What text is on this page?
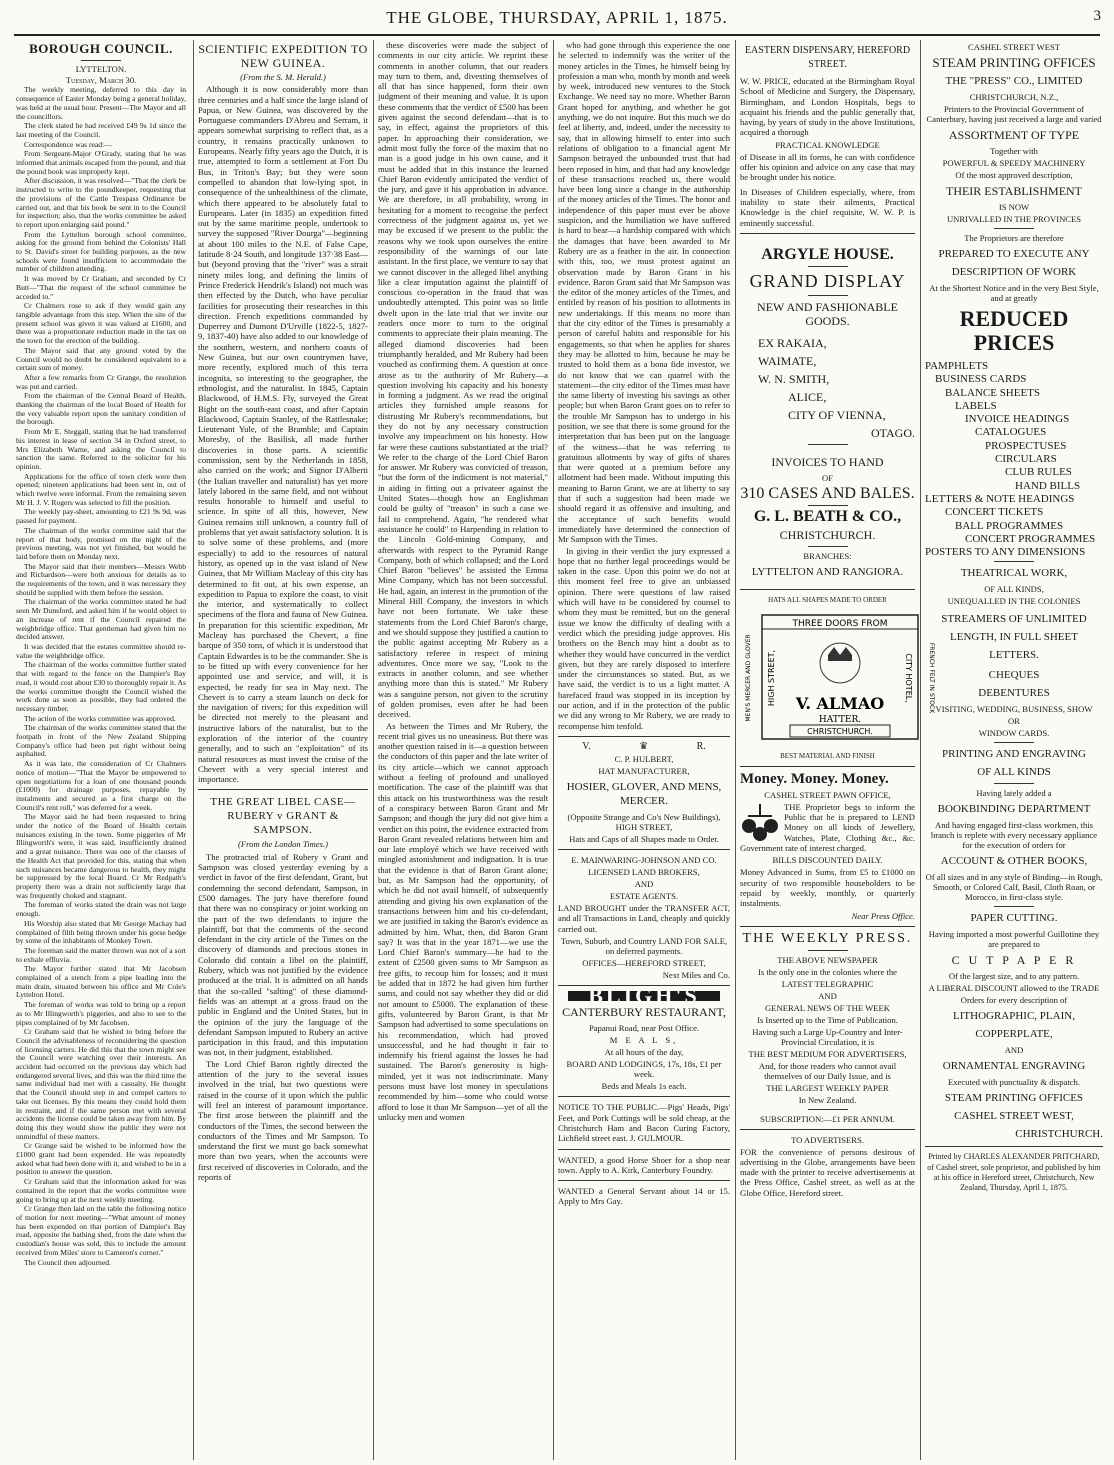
THE GLOBE, THURSDAY, APRIL 1, 1875.	3
BOROUGH COUNCIL.
LYTTELTON.
Tuesday, March 30.

The weekly meeting, deferred to this day in consequence of Easter Monday being a general holiday, was held at the usual hour. Present—The Mayor and all the councillors.

The clerk stated he had received £49 9s 1d since the last meeting of the Council.

Correspondence was read:—

From Sergeant-Major O'Grady, stating that he was informed that animals escaped from the pound, and that the pound book was improperly kept.

After discussion, it was resolved—"That the clerk be instructed to write to the poundkeeper, requesting that the provisions of the Cattle Trespass Ordinance be carried out, and that his book be sent in to the Council for inspection; also, that the works committee be asked to report upon enlarging said pound."

From the Lyttelton borough school committee, asking for the ground from behind the Colonists' Hall to St. David's street for building purposes, as the new schools were found insufficient to accommodate the number of children attending.

It was moved by Cr Graham, and seconded by Cr Butt—"That the request of the school committee be acceded to."

Cr Chalmers rose to ask if they would gain any tangible advantage from this step. When the site of the present school was given it was valued at £1600, and there was a proportionate reduction made in the tax on the town for the erection of the building.

The Mayor said that any ground voted by the Council would no doubt be considered equivalent to a certain sum of money.

After a few remarks from Cr Grange, the resolution was put and carried.

From the chairman of the Central Board of Health, thanking the chairman of the local Board of Health for the very valuable report upon the sanitary condition of the borough.

From Mr E. Steggall, stating that he had transferred his interest in lease of section 34 in Oxford street, to Mrs Elizabeth Warne, and asking the Council to sanction the same. Referred to the solicitor for his opinion.

Applications for the office of town clerk were then opened; nineteen applications had been sent in, out of which twelve were informal. From the remaining seven Mr H. J. V. Rogers was selected to fill the position.

The weekly pay-sheet, amounting to £21 9s 9d, was passed for payment.

The chairman of the works committee said that the report of that body, promised on the night of the previous meeting, was not yet finished, but would be laid before them on Monday next.

The Mayor said that their members—Messrs Webb and Richardson—were both anxious for details as to the requirements of the town, and it was necessary they should be supplied with them before the session.

The chairman of the works committee stated he had seen Mr Dunsford, and asked him if he would object to an increase of rent if the Council repaired the weighbridge office. That gentleman had given him no decided answer.

It was decided that the estates committee should re-value the weighbridge office.

The chairman of the works committee further stated that with regard to the fence on the Dampier's Bay road, it would cost about £30 to thoroughly repair it. As the works committee thought the Council wished the work done as soon as possible, they had ordered the necessary timber.

The action of the works committee was approved.

The chairman of the works committee stated that the footpath in front of the New Zealand Shipping Company's office had been put right without being asphalted.

As it was late, the consideration of Cr Chalmers notice of motion—"That the Mayor be empowered to open negotiations for a loan of one thousand pounds (£1000) for drainage purposes, repayable by instalments and secured as a first charge on the Council's rent roll," was deferred for a week.

The Mayor said he had been requested to bring under the notice of the Board of Health certain nuisances existing in the town. Some piggeries of Mr Illingworth's were, it was said, insufficiently drained and a great nuisance. There was one of the clauses of the Health Act that provided for this, stating that when such nuisances became dangerous to health, they might be suppressed by the local Board. Cr Mr Redpath's property there was a drain not sufficiently large that was frequently choked and stagnant.

The foreman of works stated the drain was not large enough.

His Worship also stated that Mr George Mackay had complained of filth being thrown under his gorse hedge by some of the inhabitants of Monkey Town.

The foreman said the matter thrown was not of a sort to exhale effluvia.

The Mayor further stated that Mr Jacobsen complained of a stench from a pipe leading into the main drain, situated between his office and Mr Cole's Lyttelton Hotel.

The foreman of works was told to bring up a report as to Mr Illingworth's piggeries, and also to see to the pipes complained of by Mr Jacobsen.

Cr Graham said that he wished to bring before the Council the advisableness of reconsidering the question of licensing carters. He did this that the town might see the Council were watching over their interests. An accident had occurred on the previous day which had endangered several lives, and this was the third time the same individual had met with a casualty. He thought that the Council should step in and compel carters to take out licenses. By this means they could hold them in restraint, and if the same person met with several accidents the license could be taken away from him. By doing this they would show the public they were not unmindful of these matters.

Cr Grange said he wished to be informed how the £1000 grant had been expended. He was repeatedly asked what had been done with it, and wished to be in a position to answer the question.

Cr Graham said that the information asked for was contained in the report that the works committee were going to bring up at the next weekly meeting.

Cr Grange then laid on the table the following notice of motion for next meeting—"What amount of money has been expended on that portion of Dampier's Bay road, opposite the bathing shed, from the date when the custodian's house was sold, this to include the amount received from Miles' store to Cameron's corner."

The Council then adjourned.

SCIENTIFIC EXPEDITION TO NEW GUINEA.
(From the S. M. Herald.)

Although it is now considerably more than three centuries and a half since the large island of Papua, or New Guinea, was discovered by the Portuguese commanders D'Abreu and Serram, it appears somewhat surprising to reflect that, as a country, it remains practically unknown to Europeans. Nearly fifty years ago the Dutch, it is true, attempted to form a settlement at Fort Du Bus, in Triton's Bay; but they were soon compelled to abandon that low-lying spot, in consequence of the unhealthiness of the climate, which there appeared to be absolutely fatal to Europeans. Later (in 1835) an expedition fitted out by the same maritime people, undertook to survey the supposed "River Dourga"—beginning at about 100 miles to the N.E. of False Cape, latitude 8·24 South, and longitude 137·38 East—but (beyond proving that the "river" was a strait ninety miles long, and defining the limits of Prince Frederick Hendrik's Island) not much was then effected by the Dutch, who have peculiar facilities for prosecuting their researches in this direction. French expeditions commanded by Duperrey and Dumont D'Urville (1822-5, 1827-9, 1837-40) have also added to our knowledge of the southern, western, and northern coasts of New Guinea, but our own countrymen have, more recently, explored much of this terra incognita, so interesting to the geographer, the ethnologist, and the naturalist. In 1845, Captain Blackwood, of H.M.S. Fly, surveyed the Great Bight on the south-east coast, and after Captain Blackwood, Captain Stanley, of the Rattlesnake; Lieutenant Yule, of the Bramble; and Captain Moresby, of the Basilisk, all made further discoveries in those parts. A scientific commission, sent by the Netherlands in 1858, also carried on the work; and Signor D'Alberti (the Italian traveller and naturalist) has yet more lately labored in the same field, and not without results honorable to himself and useful to science. In spite of all this, however, New Guinea remains still unknown, a country full of problems that yet await satisfactory solution. It is to solve some of these problems, and (more especially) to add to the resources of natural history, as opened up in the vast island of New Guinea, that Mr William Macleay of this city has determined to fit out, at his own expense, an expedition to Papua to explore the coast, to visit the interior, and systematically to collect specimens of the flora and fauna of New Guinea. In preparation for this scientific expedition, Mr Macleay has purchased the Chevert, a fine barque of 350 tons, of which it is understood that Captain Edwardes is to be the commander. She is to be fitted up with every convenience for her appointed use and service, and will, it is expected, be ready for sea in May next. The Chevert is to carry a steam launch on deck for the navigation of rivers; for this expedition will be directed not merely to the pleasant and instructive labors of the naturalist, but to the exploration of the interior of the country generally, and to such an "exploitation" of its natural resources as must invest the cruise of the Chevert with a very special interest and importance.

THE GREAT LIBEL CASE—RUBERY v GRANT & SAMPSON.
(From the London Times.)

The protracted trial of Rubery v Grant and Sampson was closed yesterday evening by a verdict in favor of the first defendant, Grant, but condemning the second defendant, Sampson, in £500 damages. The jury have therefore found that there was no conspiracy or joint working on the part of the two defendants to injure the plaintiff, but that the comments of the second defendant in the city article of the Times on the discovery of diamonds and precious stones in Colorado did contain a libel on the plaintiff, Rubery, which was not justified by the evidence produced at the trial. It is admitted on all hands that the so-called "salting" of these diamond-fields was an attempt at a gross fraud on the public in England and the United States, but in the opinion of the jury the language of the defendant Sampson imputed to Rubery an active participation in this fraud, and this imputation was not, in their judgment, established.

The Lord Chief Baron rightly directed the attention of the jury to the several issues involved in the trial, but two questions were raised in the course of it upon which the public will feel an interest of paramount importance. The first arose between the plaintiff and the conductors of the Times, the second between the conductors of the Times and Mr Sampson. To understand the first we must go back somewhat more than two years, when the accounts were first received of discoveries in Colorado, and the reports of

these discoveries were made the subject of comments in our city article. We reprint these comments in another column, that our readers may turn to them, and, divesting themselves of all that has since happened, form their own judgment of their meaning and value. It is upon these comments that the verdict of £500 has been given against the second defendant—that is to say, in effect, against the proprietors of this paper. In approaching their consideration, we admit most fully the force of the maxim that no man is a good judge in his own cause, and it must be added that in this instance the learned Chief Baron evidently anticipated the verdict of the jury, and gave it his approbation in advance. We are therefore, in all probability, wrong in hesitating for a moment to recognise the perfect correctness of the judgment against us, yet we may be excused if we present to the public the reasons why we took upon ourselves the entire responsibility of the warnings of our late assistant. In the first place, we venture to say that we cannot discover in the alleged libel anything like a clear imputation against the plaintiff of conscious co-operation in the fraud that was undoubtedly attempted. This point was so little dwelt upon in the late trial that we invite our readers once more to turn to the original comments to appreciate their plain meaning. The alleged diamond discoveries had been triumphantly heralded, and Mr Rubery had been vouched as confirming them. A question at once arose as to the authority of Mr Rubery—a question involving his capacity and his honesty in forming a judgment. As we read the original articles they furnished ample reasons for distrusting Mr Rubery's recommendations, but they do not by any necessary construction involve any impeachment on his honesty. How far were these cautions substantiated at the trial? We refer to the charge of the Lord Chief Baron for answer. Mr Rubery was convicted of treason, "but the form of the indictment is not material," in aiding in fitting out a privateer against the United States—though how an Englishman could be guilty of "treason" in such a case we fail to comprehend. Again, "he rendered what assistance he could" to Harpending in relation to the Lincoln Gold-mining Company, and afterwards with respect to the Pyramid Range Company, both of which collapsed; and the Lord Chief Baron "believes" he assisted the Emma Mine Company, which has not been successful. He had, again, an interest in the promotion of the Mineral Hill Company, the investors in which have not been fortunate. We take these statements from the Lord Chief Baron's charge, and we should suppose they justified a caution to the public against accepting Mr Rubery as a satisfactory referee in respect of mining adventures. Once more we say, "Look to the extracts in another column, and see whether anything more than this is stated." Mr Rubery was a sanguine person, not given to the scrutiny of golden promises, even after he had been deceived.

As between the Times and Mr Rubery, the recent trial gives us no uneasiness. But there was another question raised in it—a question between the conductors of this paper and the late writer of its city article—which we cannot approach without a feeling of profound and unalloyed mortification. The case of the plaintiff was that this attack on his trustworthiness was the result of a conspiracy between Baron Grant and Mr Sampson; and though the jury did not give him a verdict on this point, the evidence extracted from Baron Grant revealed relations between him and our late employé which we have received with mingled astonishment and indignation. It is true that the evidence is that of Baron Grant alone; but, as Mr Sampson had the opportunity, of which he did not avail himself, of subsequently attending and giving his own explanation of the transactions between him and his co-defendant, we are justified in taking the Baron's evidence as admitted by him. What, then, did Baron Grant say? It was that in the year 1871—we use the Lord Chief Baron's summary—he had to the extent of £2500 given sums to Mr Sampson as free gifts, to recoup him for losses; and it must be added that in 1872 he had given him further sums, and could not say whether they did or did not amount to £5000. The explanation of these gifts, volunteered by Baron Grant, is that Mr Sampson had advertised to some speculations on his recommendation, which had proved unsuccessful, and he had thought it fair to indemnify his friend against the losses he had sustained. The Baron's generosity is high-minded, yet it was not indiscriminate. Many persons must have lost money in speculations recommended by him—some who could worse afford to lose it than Mr Sampson—yet of all the unlucky men and women

who had gone through this experience the one he selected to indemnify was the writer of the money articles in the Times, he himself being by profession a man who, month by month and week by week, introduced new ventures to the Stock Exchange. We need say no more. Whether Baron Grant hoped for anything, and whether he got anything, we do not inquire. But this much we do feel at liberty, and, indeed, under the necessity to say, that in allowing himself to enter into such relations of obligation to a financial agent Mr Sampson betrayed the unbounded trust that had been reposed in him, and that had any knowledge of these transactions reached us, there would have been long since a change in the authorship of the money articles of the Times. The honor and independence of this paper must ever be above suspicion, and the humiliation we have suffered is hard to bear—a hardship compared with which the damages that have been awarded to Mr Rubery are as a feather in the air. In connection with this, too, we must protest against an observation made by Baron Grant in his evidence. Baron Grant said that Mr Sampson was the editor of the money articles of the Times, and entitled by reason of his position to allotments in new undertakings. If this means no more than that the city editor of the Times is presumably a person of careful habits and responsible for his engagements, so that when he applies for shares they may be allotted to him, because he may be trusted to hold them as a bona fide investor, we do not know that we can quarrel with the statement—the city editor of the Times must have the same liberty of investing his savings as other people; but when Baron Grant goes on to refer to the trouble Mr Sampson has to undergo in his position, we see that there is some ground for the interpretation that has been put on the language of the witness—that he was referring to gratuitous allotments by way of gifts of shares that were quoted at a premium before any allotment had been made. Without imputing this meaning to Baron Grant, we are at liberty to say that if such a suggestion had been made we should regard it as offensive and insulting, and the acceptance of such benefits would immediately have determined the connection of Mr Sampson with the Times.

In giving in their verdict the jury expressed a hope that no further legal proceedings would be taken in the case. Upon this point we do not at this moment feel free to give an unbiassed opinion. There were questions of law raised which will have to be considered by counsel to whom they must be remitted, but on the general issue we know the difficulty of dealing with a verdict which the presiding judge approves. His brothers on the Bench may hint a doubt as to whether they would have concurred in the verdict given, but they are rarely disposed to interfere under the circumstances so stated. But, as we have said, the verdict is to us a light matter. A barefaced fraud was stopped in its inception by our action, and if in the protection of the public we did any wrong to Mr Rubery, we are ready to recompense him tenfold.

V.	♛	R.
C. P. HULBERT,
HAT MANUFACTURER,
HOSIER, GLOVER, AND MENS, MERCER.
(Opposite Strange and Co's New Buildings), HIGH STREET,
Hats and Caps of all Shapes made to Order.
E. MAINWARING-JOHNSON AND CO.
LICENSED LAND BROKERS,
AND
ESTATE AGENTS.

LAND BROUGHT under the TRANSFER ACT, and all Transactions in Land, cheaply and quickly carried out.

Town, Suburb, and Country LAND FOR SALE, on deferred payments.
OFFICES—HEREFORD STREET,
Next Miles and Co.
BLIGH'S
CANTERBURY RESTAURANT,
Papanui Road, near Post Office.
M E A L S,
At all hours of the day,
BOARD AND LODGINGS, 17s, 18s, £1 per week.
Beds and Meals 1s each.

NOTICE TO THE PUBLIC.—Pigs' Heads, Pigs' Feet, and Pork Cuttings will be sold cheap, at the Christchurch Ham and Bacon Curing Factory, Lichfield street east. J. GULMOUR.

WANTED, a good Horse Shoer for a shop near town. Apply to A. Kirk, Canterbury Foundry.

WANTED a General Servant about 14 or 15. Apply to Mrs Gay.

EASTERN DISPENSARY, HEREFORD STREET.

W. W. PRICE, educated at the Birmingham Royal School of Medicine and Surgery, the Dispensary, Birmingham, and London Hospitals, begs to acquaint his friends and the public generally that, having, by years of study in the above Institutions, acquired a thorough

PRACTICAL KNOWLEDGE

of Disease in all its forms, he can with confidence offer his opinion and advice on any case that may be brought under his notice.

In Diseases of Children especially, where, from inability to state their ailments, Practical Knowledge is the chief requisite, W. W. P. is eminently successful.

ARGYLE HOUSE.
GRAND DISPLAY
NEW AND FASHIONABLE GOODS.
EX RAKAIA,
WAIMATE,
W. N. SMITH,
ALICE,
CITY OF VIENNA,
OTAGO.
INVOICES TO HAND
OF
310 CASES AND BALES.
G. L. BEATH & CO.,
CHRISTCHURCH.
BRANCHES:
LYTTELTON AND RANGIORA.
HATS ALL SHAPES MADE TO ORDER
THREE DOORS FROM
V. ALMAO
HATTER.
CHRISTCHURCH.
MEN'S MERCER AND GLOVER HIGH STREET,	CITY HOTEL,	FRENCH FELT IN STOCK
BEST MATERIAL AND FINISH
Money. Money. Money.
CASHEL STREET PAWN OFFICE,

THE Proprietor begs to inform the Public that he is prepared to LEND Money on all kinds of Jewellery, Watches, Plate, Clothing &c., &c. Government rate of interest charged.

BILLS DISCOUNTED DAILY.

Money Advanced in Sums, from £5 to £1000 on security of two responsible householders to be repaid by weekly, monthly, or quarterly instalments.

Near Press Office.
THE WEEKLY PRESS.
THE ABOVE NEWSPAPER
Is the only one in the colonies where the
LATEST TELEGRAPHIC
AND
GENERAL NEWS OF THE WEEK
Is Inserted up to the Time of Publication.
Having such a Large Up-Country and Inter-Provincial Circulation, it is
THE BEST MEDIUM FOR ADVERTISERS,
And, for those readers who cannot avail themselves of our Daily Issue, and is
THE LARGEST WEEKLY PAPER
In New Zealand.
SUBSCRIPTION:—£1 PER ANNUM.
TO ADVERTISERS.

FOR the convenience of persons desirous of advertising in the Globe, arrangements have been made with the printer to receive advertisements at the Press Office, Cashel street, as well as at the Globe Office, Hereford street.

CASHEL STREET WEST
STEAM PRINTING OFFICES
THE "PRESS" CO., LIMITED
CHRISTCHURCH, N.Z.,
Printers to the Provincial Government of Canterbury, having just received a large and varied
ASSORTMENT OF TYPE
Together with
POWERFUL & SPEEDY MACHINERY
Of the most approved description,
THEIR ESTABLISHMENT
IS NOW
UNRIVALLED IN THE PROVINCES
The Proprietors are therefore
PREPARED TO EXECUTE ANY
DESCRIPTION OF WORK
At the Shortest Notice and in the very Best Style, and at greatly
REDUCED PRICES
PAMPHLETS
BUSINESS CARDS
BALANCE SHEETS
LABELS
INVOICE HEADINGS
CATALOGUES
PROSPECTUSES
CIRCULARS
CLUB RULES
HAND BILLS
LETTERS & NOTE HEADINGS
CONCERT TICKETS
BALL PROGRAMMES
CONCERT PROGRAMMES
POSTERS TO ANY DIMENSIONS
THEATRICAL WORK,
OF ALL KINDS,
UNEQUALLED IN THE COLONIES
STREAMERS OF UNLIMITED LENGTH, IN FULL SHEET LETTERS.
CHEQUES
DEBENTURES
VISITING, WEDDING, BUSINESS, SHOW
OR
WINDOW CARDS.
PRINTING AND ENGRAVING
OF ALL KINDS
Having lately added a
BOOKBINDING DEPARTMENT
And having engaged first-class workmen, this branch is replete with every necessary appliance for the execution of orders for
ACCOUNT & OTHER BOOKS,
Of all sizes and in any style of Binding—in Rough, Smooth, or Colored Calf, Basil, Cloth Roan, or Morocco, in first-class style.
PAPER CUTTING.
Having imported a most powerful Guillotine they are prepared to
C U T P A P E R
Of the largest size, and to any pattern.
A LIBERAL DISCOUNT allowed to the TRADE
Orders for every description of
LITHOGRAPHIC, PLAIN,
COPPERPLATE,
AND
ORNAMENTAL ENGRAVING
Executed with punctuality & dispatch.
STEAM PRINTING OFFICES
CASHEL STREET WEST,
CHRISTCHURCH.

Printed by CHARLES ALEXANDER PRITCHARD, of Cashel street, sole proprietor, and published by him at his office in Hereford street, Christchurch, New Zealand, Thursday, April 1, 1875.
